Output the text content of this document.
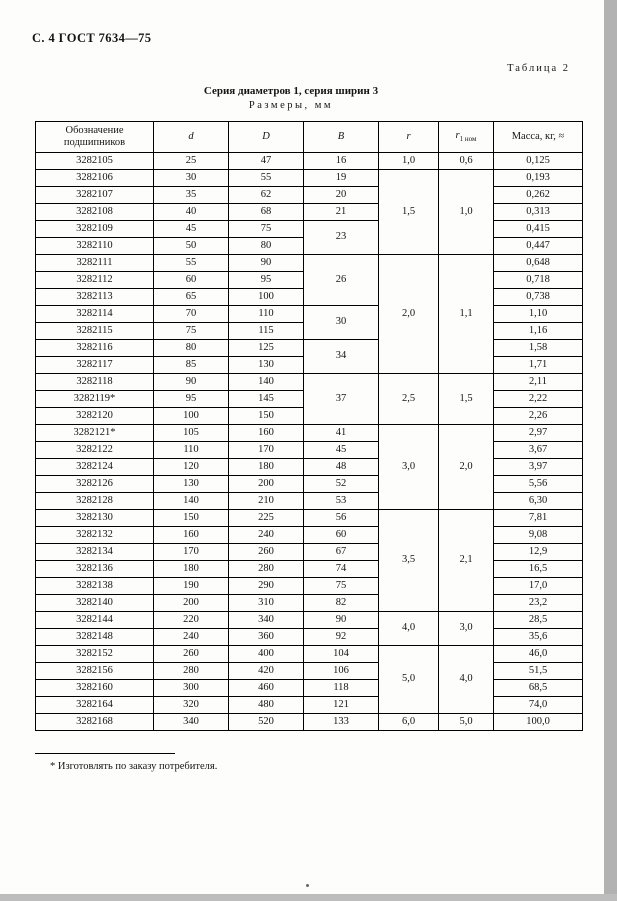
С. 4 ГОСТ 7634—75
Таблица 2
Серия диаметров 1, серия ширин 3
Размеры, мм
Обозначение подшипников	d	D	B	r	$r_{1 ном}$	Масса, кг, ≈
3282105	25	47	16	1,0	0,6	0,125
3282106	30	55	19	1,5	1,0	0,193
3282107	35	62	20			0,262
3282108	40	68	21			0,313
3282109	45	75	23			0,415
3282110	50	80				0,447
3282111	55	90	26	2,0	1,1	0,648
3282112	60	95				0,718
3282113	65	100				0,738
3282114	70	110	30			1,10
3282115	75	115				1,16
3282116	80	125	34			1,58
3282117	85	130				1,71
3282118	90	140	37	2,5	1,5	2,11
3282119*	95	145				2,22
3282120	100	150				2,26
3282121*	105	160	41	3,0	2,0	2,97
3282122	110	170	45			3,67
3282124	120	180	48			3,97
3282126	130	200	52			5,56
3282128	140	210	53			6,30
3282130	150	225	56	3,5	2,1	7,81
3282132	160	240	60			9,08
3282134	170	260	67			12,9
3282136	180	280	74			16,5
3282138	190	290	75			17,0
3282140	200	310	82			23,2
3282144	220	340	90	4,0	3,0	28,5
3282148	240	360	92			35,6
3282152	260	400	104	5,0	4,0	46,0
3282156	280	420	106			51,5
3282160	300	460	118			68,5
3282164	320	480	121			74,0
3282168	340	520	133	6,0	5,0	100,0
* Изготовлять по заказу потребителя.
